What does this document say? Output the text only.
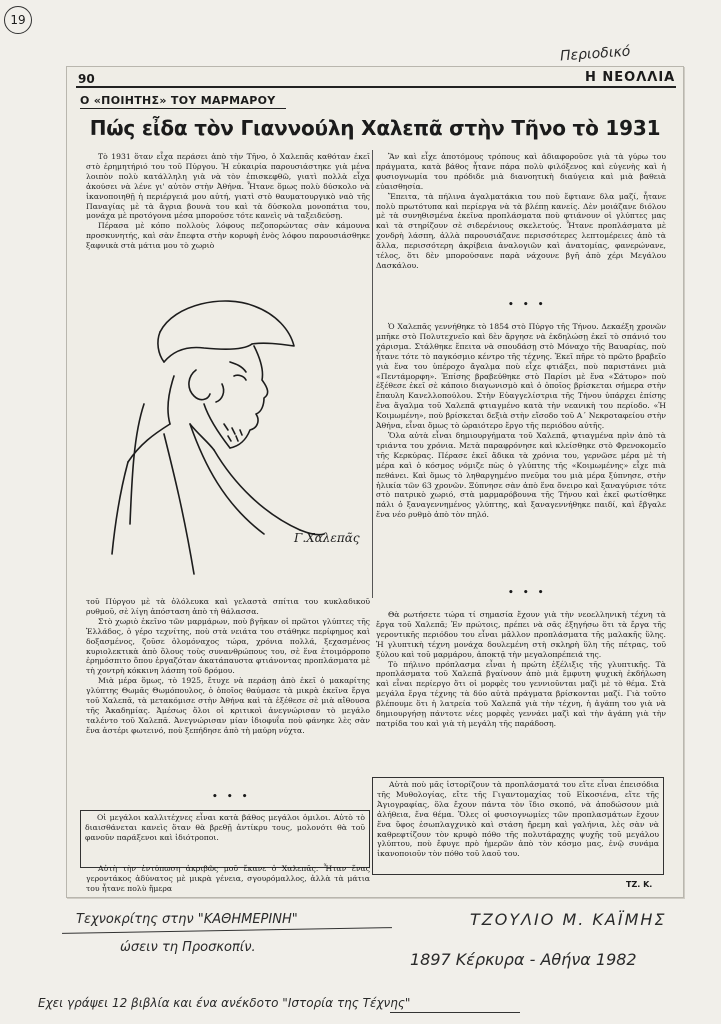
19
Περιοδικό
90	Η ΝΕΟΛΛΙΑ
Ο «ΠΟΙΗΤΗΣ» ΤΟΥ ΜΑΡΜΑΡΟΥ
Πώς εἶδα τὸν Γιαννούλη Χαλεπᾶ στὴν Τῆνο τὸ 1931

Τὸ 1931 ὅταν εἶχα περάσει ἀπὸ τὴν Τῆνο, ὁ Χαλεπᾶς καθόταν ἐκεῖ στὸ ἐρημητήριό του τοῦ Πύργου. Ἡ εὐκαιρία παρουσιάστηκε γιὰ μένα λοιπὸν πολὺ κατάλληλη γιὰ νὰ τὸν ἐπισκεφθῶ, γιατὶ πολλὰ εἶχα ἀκούσει νὰ λένε γι' αὐτὸν στὴν Ἀθήνα. Ἦτανε ὅμως πολὺ δύσκολο νὰ ἱκανοποιηθῇ ἡ περιέργειά μου αὐτή, γιατὶ στὸ θαυματουργικὸ ναὸ τῆς Παναγίας μὲ τὰ ἄγρια βουνὰ του καὶ τὰ δύσκολα μονοπάτια του, μονάχα μὲ προτόγονα μέσα μπορούσε τότε κανεὶς νὰ ταξειδεύσῃ.

Πέρασα μὲ κόπο πολλοὺς λόφους πεζοπορώντας σὰν κάμουνα προσκυνητής, καὶ σὰν ἔπεφτα στὴν κορυφὴ ἑνὸς λόφου παρουσιάσθηκε ξαφνικὰ στὰ μάτια μου τὸ χωριὸ

Ἂν καὶ εἶχε ἀποτόμους τρόπους καὶ ἀδιαφοροῦσε γιὰ τὰ γύρω του πράγματα, κατὰ βάθος ἦτανε πάρα πολὺ φιλόξενος καὶ εὐγενὴς καὶ ἡ φυσιογνωμία του πρόδιδε μιὰ διανοητικὴ διαύγεια καὶ μιὰ βαθειὰ εὐαισθησία.

Ἔπειτα, τὰ πήλινα ἀγαλματάκια του ποὺ ἔφτιανε δλα μαζί, ἦτανε πολὺ πρωτότυπα καὶ περίεργα νὰ τὰ βλέπῃ κανείς. Δὲν μοιάζανε διόλου μὲ τὰ συνηθισμένα ἐκεῖνα προπλάσματα ποὺ φτιάνουν οἱ γλύπτες μας καὶ τὰ στηρίζουν σὲ σιδερένιους σκελετούς. Ἦτανε προπλάσματα μὲ χονδρὴ λάσπη, ἀλλὰ παρουσιάζανε περισσότερες λεπτομέρειες ἀπὸ τὰ ἄλλα, περισσότερη ἀκρίβεια ἀναλογιῶν καὶ ἀνατομίας, φανερώνανε, τέλος, ὅτι δὲν μπορούσανε παρὰ νάχουνε βγῆ ἀπὸ χέρι Μεγάλου Δασκάλου.

• • •

Ὁ Χαλεπᾶς γεννήθηκε τὸ 1854 στὸ Πύργο τῆς Τήνου. Δεκαέξη χρονῶν μπῆκε στὸ Πολυτεχνεῖο καὶ δὲν ἄργησε νὰ ἐκδηλώσῃ ἐκεῖ τὸ σπάνιό του χάρισμα. Στάλθηκε ἔπειτα νὰ σπουδάσῃ στὸ Μόναχο τῆς Βαυαρίας, ποὺ ἦτανε τότε τὸ παγκόσμιο κέντρο τῆς τέχνης. Ἐκεῖ πῆρε τὸ πρῶτο βραβεῖο γιὰ ἕνα του ὑπέροχο ἄγαλμα ποὺ εἶχε φτιάξει, ποὺ παριστάνει μιὰ «Πεντάμορφη». Ἐπίσης βραβεύθηκε στὸ Παρίσι μὲ ἕνα «Σάτυρο» ποὺ ἐξέθεσε ἐκεῖ σὲ κάποιο διαγωνισμὸ καὶ ὁ ὁποῖος βρίσκεται σήμερα στὴν ἔπαυλη Κανελλοπούλου. Στὴν Εὐαγγελίστρια τῆς Τήνου ὑπάρχει ἐπίσης ἕνα ἄγαλμα τοῦ Χαλεπᾶ φτιαγμένο κατὰ τὴν νεανικὴ του περίοδο. «Ἡ Κοιμωμένη», ποὺ βρίσκεται δεξιὰ στὴν εἴσοδο τοῦ Α΄ Νεκροταφείου στὴν Ἀθήνα, εἶναι ὅμως τὸ ὡραιότερο ἔργο τῆς περιόδου αὐτῆς.

Ὅλα αὐτὰ εἶναι δημιουργήματα τοῦ Χαλεπᾶ, φτιαγμένα πρὶν ἀπὸ τὰ τριάντα του χρόνια. Μετὰ παραφρόνησε καὶ κλείσθηκε στὸ Φρενοκομεῖο τῆς Κερκύρας. Πέρασε ἐκεῖ ἄδικα τὰ χρόνια του, γερνῶσε μέρα μὲ τὴ μέρα καὶ ὁ κόσμος νόμιζε πὼς ὁ γλύπτης τῆς «Κοιμωμένης» εἶχε πιὰ πεθάνει. Καὶ ὅμως τὸ ληθαργημένο πνεῦμα του μιὰ μέρα ξύπνησε, στὴν ἡλικία τῶν 63 χρονῶν. Ξύπνησε σὰν ἀπὸ ἕνα ὄνειρο καὶ ξαναγύρισε τότε στὸ πατρικὸ χωριό, στὰ μαρμαρόβουνα τῆς Τήνου καὶ ἐκεῖ φωτίσθηκε πάλι ὁ ξαναγεννημένος γλύπτης, καὶ ξαναγεννήθηκε παιδί, καὶ ἔβγαλε ἕνα νέο ρυθμὸ ἀπὸ τὸν πηλό.

• • •
Γ.Χαλεπᾶς

τοῦ Πύργου μὲ τὰ ὁλόλευκα καὶ γελαστὰ σπίτια του κυκλαδικοῦ ρυθμοῦ, σὲ λίγη ἀπόσταση ἀπὸ τὴ θάλασσα.

Στὸ χωριὸ ἐκεῖνο τῶν μαρμάρων, ποὺ βγῆκαν οἱ πρῶτοι γλύπτες τῆς Ἑλλάδος, ὁ γέρο τεχνίτης, ποὺ στὰ νειάτα του στάθηκε περίφημος καὶ δοξασμένος, ζοῦσε ὁλομόναχος τώρα, χρόνια πολλά, ξεχασμένος κυριολεκτικὰ ἀπὸ ὅλους τοὺς συνανθρώπους του, σὲ ἕνα ἑτοιμόρροπο ἐρημόσπιτο ὅπου ἐργαζόταν ἀκατάπαυστα φτιάνοντας προπλάσματα μὲ τὴ χοντρὴ κόκκινη λάσπη τοῦ δρόμου.

Μιὰ μέρα ὅμως, τὸ 1925, ἔτυχε νὰ περάσῃ ἀπὸ ἐκεῖ ὁ μακαρίτης γλύπτης Θωμᾶς Θωμόπουλος, ὁ ὁποῖος θαύμασε τὰ μικρὰ ἐκεῖνα ἔργα τοῦ Χαλεπᾶ, τὰ μετακόμισε στὴν Ἀθήνα καὶ τὰ ἐξέθεσε σὲ μιὰ αἴθουσα τῆς Ἀκαδημίας. Ἀμέσως ὅλοι οἱ κριτικοὶ ἀνεγνώρισαν τὸ μεγάλο ταλέντο τοῦ Χαλεπᾶ. Ἀνεγνώρισαν μίαν ἰδιοφυΐα ποὺ φάνηκε λὲς σὰν ἕνα ἀστέρι φωτεινό, ποὺ ξεπήδησε ἀπὸ τὴ μαύρη νύχτα.

• • •

Οἱ μεγάλοι καλλιτέχνες εἶναι κατὰ βάθος μεγάλοι ὁμιλοι. Αὐτὸ τὸ διαισθάνεται κανεὶς ὅταν θὰ βρεθῇ ἀντίκρυ τους, μολονότι θὰ τοῦ φανοῦν παράξενοι καὶ ἰδιότροποι.

Αὐτὴ τὴν ἐντύπωση ἀκριβῶς μοῦ ἔκανε ὁ Χαλεπᾶς. Ἦταν ἕνας γεροντάκος ἀδύνατος μὲ μικρὰ γένεια, σγουρόμαλλος, ἀλλὰ τὰ μάτια του ἦτανε πολὺ ἤμερα

Θὰ ρωτήσετε τώρα τί σημασία ἔχουν γιὰ τὴν νεοελληνικὴ τέχνη τὰ ἔργα τοῦ Χαλεπᾶ; Ἐν πρώτοις, πρέπει νὰ σᾶς ἐξηγήσω ὅτι τὰ ἔργα τῆς γεροντικῆς περιόδου του εἶναι μᾶλλον προπλάσματα τῆς μαλακῆς ὕλης. Ἡ γλυπτικὴ τέχνη μονάχα δουλεμένη στὴ σκληρὴ ὕλη τῆς πέτρας, τοῦ ξύλου καὶ τοῦ μαρμάρου, ἀποκτᾷ τὴν μεγαλοπρέπειά της.

Τὸ πήλινο πρόπλασμα εἶναι ἡ πρώτη ἐξέλιξις τῆς γλυπτικῆς. Τὰ προπλάσματα τοῦ Χαλεπᾶ βγαίνουν ἀπὸ μιὰ ἔμφυτη ψυχικὴ ἐκδήλωση καὶ εἶναι περίεργο ὅτι οἱ μορφὲς του γεννιοῦνται μαζὶ μὲ τὸ θέμα. Στὰ μεγάλα ἔργα τέχνης τὰ δύο αὐτὰ πράγματα βρίσκονται μαζί. Γιὰ τοῦτο βλέπουμε ὅτι ἡ λατρεία τοῦ Χαλεπᾶ γιὰ τὴν τέχνη, ἡ ἀγάπη του γιὰ νὰ δημιουργήσῃ πάντοτε νέες μορφὲς γεννάει μαζὶ καὶ τὴν ἀγάπη γιὰ τὴν πατρίδα του καὶ γιὰ τὴ μεγάλη τῆς παράδοση.

Αὐτὰ ποὺ μᾶς ἱστορίζουν τὰ προπλάσματά του εἴτε εἶναι ἐπεισόδια τῆς Μυθολογίας, εἴτε τῆς Γιγαντομαχίας τοῦ Εἰκοσιένα, εἴτε τῆς Ἁγιογραφίας, ὅλα ἔχουν πάντα τὸν ἴδιο σκοπό, νὰ ἀποδώσουν μιὰ ἀλήθεια, ἕνα θέμα. Ὅλες οἱ φυσιογνωμίες τῶν προπλασμάτων ἔχουν ἕνα ὕφος ἐσωπλαγχνικὸ καὶ στάση ἤρεμη καὶ γαλήνια, λὲς σὰν νὰ καθρεφτίζουν τὸν κρυφὸ πόθο τῆς πολυτάραχης ψυχῆς τοῦ μεγάλου γλύπτου, ποὺ ἔφυγε πρὸ ἡμερῶν ἀπὸ τὸν κόσμο μας, ἐνῷ συνάμα ἱκανοποιοῦν τὸν πόθο τοῦ λαοῦ του.

ΤΖ. Κ.
Τεχνοκρίτης στην "ΚΑΘΗΜΕΡΙΝΗ"
ώσειν τη Προσκοπίν.
ΤΖΟΥΛΙΟ Μ. ΚΑΪΜΗΣ
1897 Κέρκυρα - Αθήνα 1982
Εχει γράψει 12 βιβλία και ένα ανέκδοτο "Ιστορία της Τέχνης"
